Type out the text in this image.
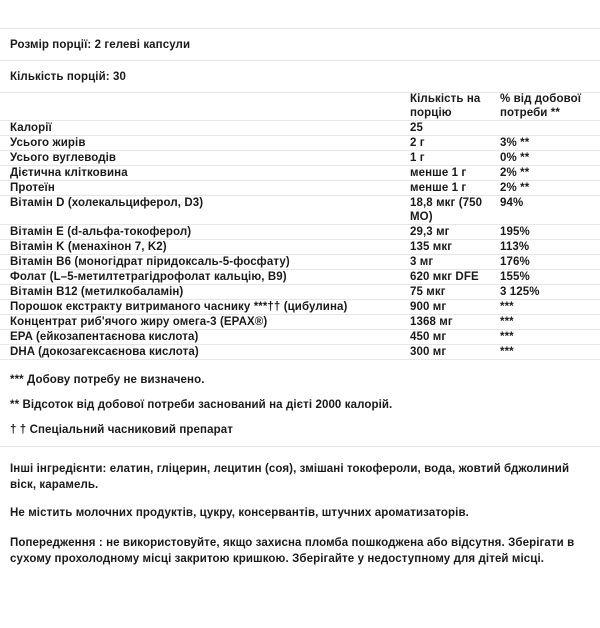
Розмір порції: 2 гелеві капсули
Кількість порцій: 30
	Кількість на порцію	% від добової потреби **
Калорії	25	
Усього жирів	2 г	3% **
Усього вуглеводів	1 г	0% **
Дієтична клітковина	менше 1 г	2% **
Протеїн	менше 1 г	2% **
Вітамін D (холекальциферол, D3)	18,8 мкг (750 МО)	94%
Вітамін E (d-альфа-токоферол)	29,3 мг	195%
Вітамін K (менахінон 7, K2)	135 мкг	113%
Вітамін B6 (моногідрат піридоксаль-5-фосфату)	3 мг	176%
Фолат (L–5-метилтетрагідрофолат кальцію, B9)	620 мкг DFE	155%
Вітамін B12 (метилкобаламін)	75 мкг	3 125%
Порошок екстракту витриманого часнику ***†† (цибулина)	900 мг	***
Концентрат риб'ячого жиру омега-3 (EPAX®)	1368 мг	***
EPA (ейкозапентаєнова кислота)	450 мг	***
DHA (докозагексаєнова кислота)	300 мг	***
*** Добову потребу не визначено.
** Відсоток від добової потреби заснований на дієті 2000 калорій.
† † Спеціальний часниковий препарат
Інші інгредієнти: елатин, гліцерин, лецитин (соя), змішані токофероли, вода, жовтий бджолиний віск, карамель.
Не містить молочних продуктів, цукру, консервантів, штучних ароматизаторів.
Попередження : не використовуйте, якщо захисна пломба пошкоджена або відсутня. Зберігати в сухому прохолодному місці закритою кришкою. Зберігайте у недоступному для дітей місці.
